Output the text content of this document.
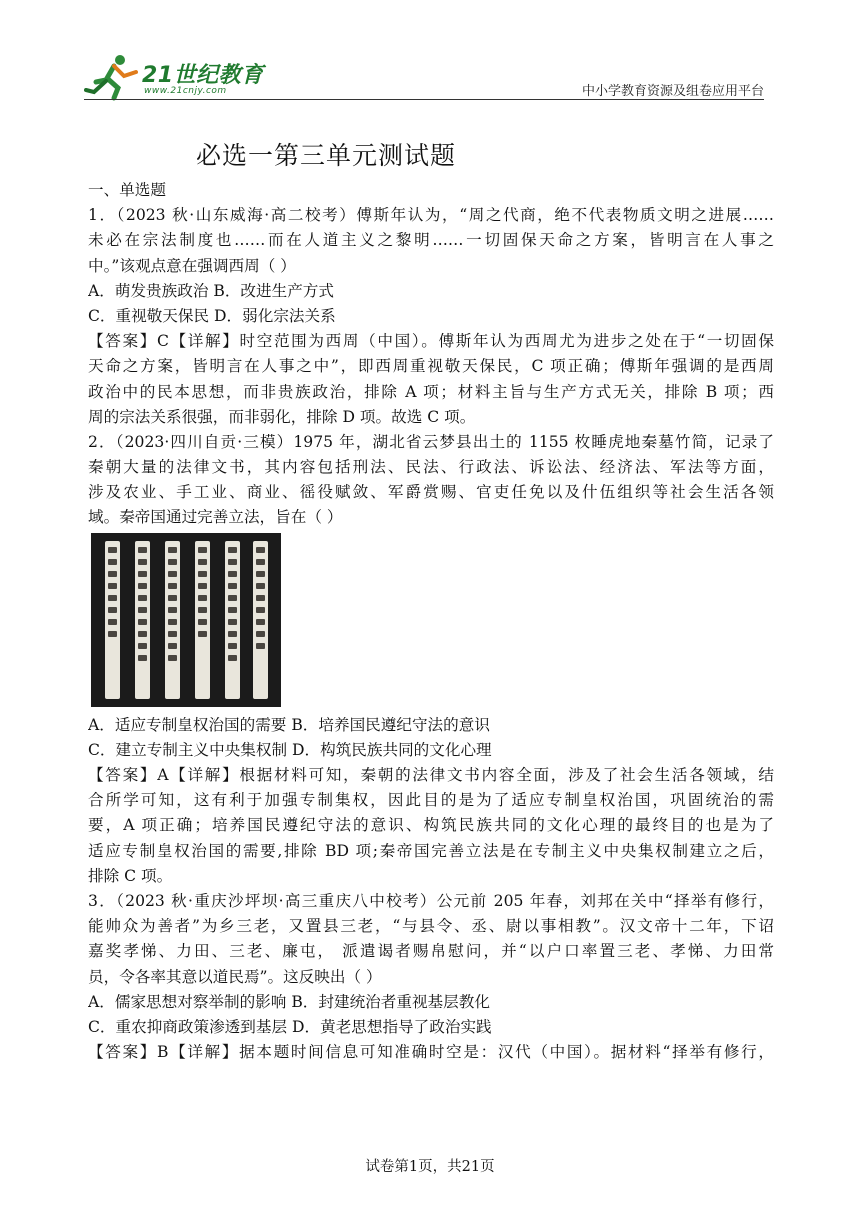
21世纪教育
www.21cnjy.com	中小学教育资源及组卷应用平台
必选一第三单元测试题
一、单选题
1．（2023 秋·山东威海·高二校考）傅斯年认为，“周之代商，绝不代表物质文明之进展……
未必在宗法制度也……而在人道主义之黎明……一切固保天命之方案，皆明言在人事之
中。”该观点意在强调西周（ ）
A．萌发贵族政治 B．改进生产方式
C．重视敬天保民 D．弱化宗法关系
【答案】C【详解】时空范围为西周（中国）。傅斯年认为西周尤为进步之处在于“一切固保
天命之方案，皆明言在人事之中”，即西周重视敬天保民，C 项正确；傅斯年强调的是西周
政治中的民本思想，而非贵族政治，排除 A 项；材料主旨与生产方式无关，排除 B 项；西
周的宗法关系很强，而非弱化，排除 D 项。故选 C 项。
2．（2023·四川自贡·三模）1975 年，湖北省云梦县出土的 1155 枚睡虎地秦墓竹简，记录了
秦朝大量的法律文书，其内容包括刑法、民法、行政法、诉讼法、经济法、军法等方面，
涉及农业、手工业、商业、徭役赋敛、军爵赏赐、官吏任免以及什伍组织等社会生活各领
域。秦帝国通过完善立法，旨在（ ）
A．适应专制皇权治国的需要 B．培养国民遵纪守法的意识
C．建立专制主义中央集权制 D．构筑民族共同的文化心理
【答案】A【详解】根据材料可知，秦朝的法律文书内容全面，涉及了社会生活各领域，结
合所学可知，这有利于加强专制集权，因此目的是为了适应专制皇权治国，巩固统治的需
要，A 项正确；培养国民遵纪守法的意识、构筑民族共同的文化心理的最终目的也是为了
适应专制皇权治国的需要,排除 BD 项;秦帝国完善立法是在专制主义中央集权制建立之后，
排除 C 项。
3．（2023 秋·重庆沙坪坝·高三重庆八中校考）公元前 205 年春，刘邦在关中“择举有修行，
能帅众为善者”为乡三老，又置县三老，“与县令、丞、尉以事相教”。汉文帝十二年，下诏
嘉奖孝悌、力田、三老、廉屯， 派遣谒者赐帛慰问，并“以户口率置三老、孝悌、力田常
员，令各率其意以道民焉”。这反映出（ ）
A．儒家思想对察举制的影响 B．封建统治者重视基层教化
C．重农抑商政策渗透到基层 D．黄老思想指导了政治实践
【答案】B【详解】据本题时间信息可知准确时空是：汉代（中国）。据材料“择举有修行，
试卷第1页，共21页
